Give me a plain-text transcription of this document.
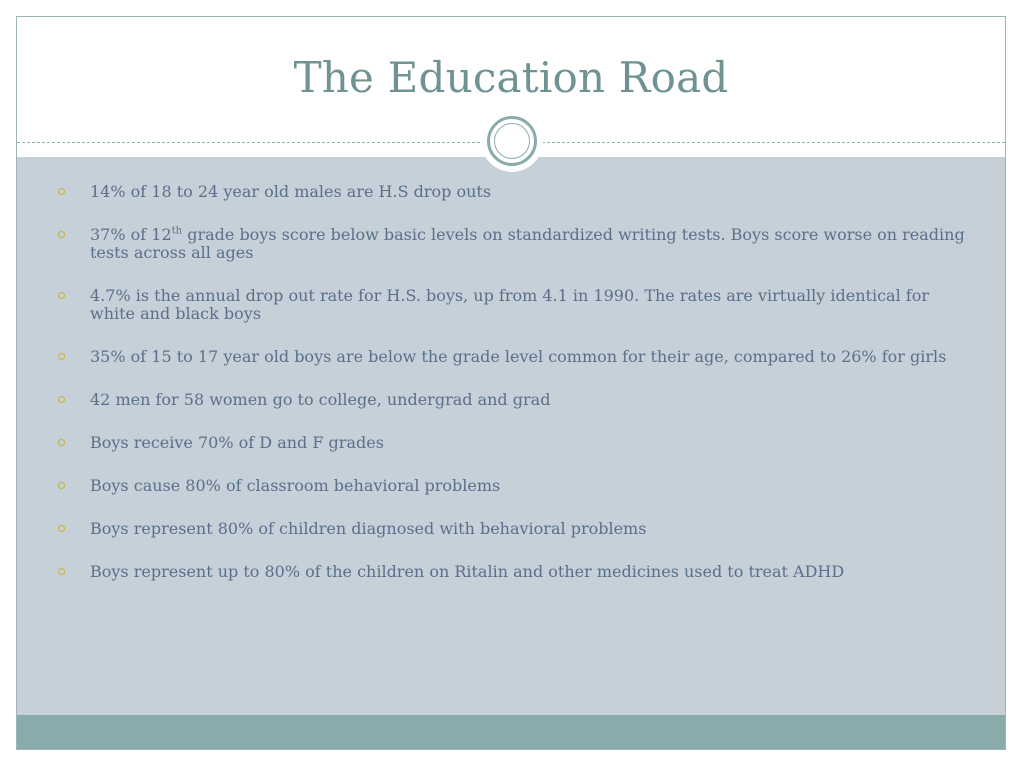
The Education Road
14% of 18 to 24 year old males are H.S drop outs
37% of 12th grade boys score below basic levels on standardized writing tests. Boys score worse on reading tests across all ages
4.7% is the annual drop out rate for H.S. boys, up from 4.1 in 1990. The rates are virtually identical for white and black boys
35% of 15 to 17 year old boys are below the grade level common for their age, compared to 26% for girls
42 men for 58 women go to college, undergrad and grad
Boys receive 70% of D and F grades
Boys cause 80% of classroom behavioral problems
Boys represent 80% of children diagnosed with behavioral problems
Boys represent up to 80% of the children on Ritalin and other medicines used to treat ADHD
